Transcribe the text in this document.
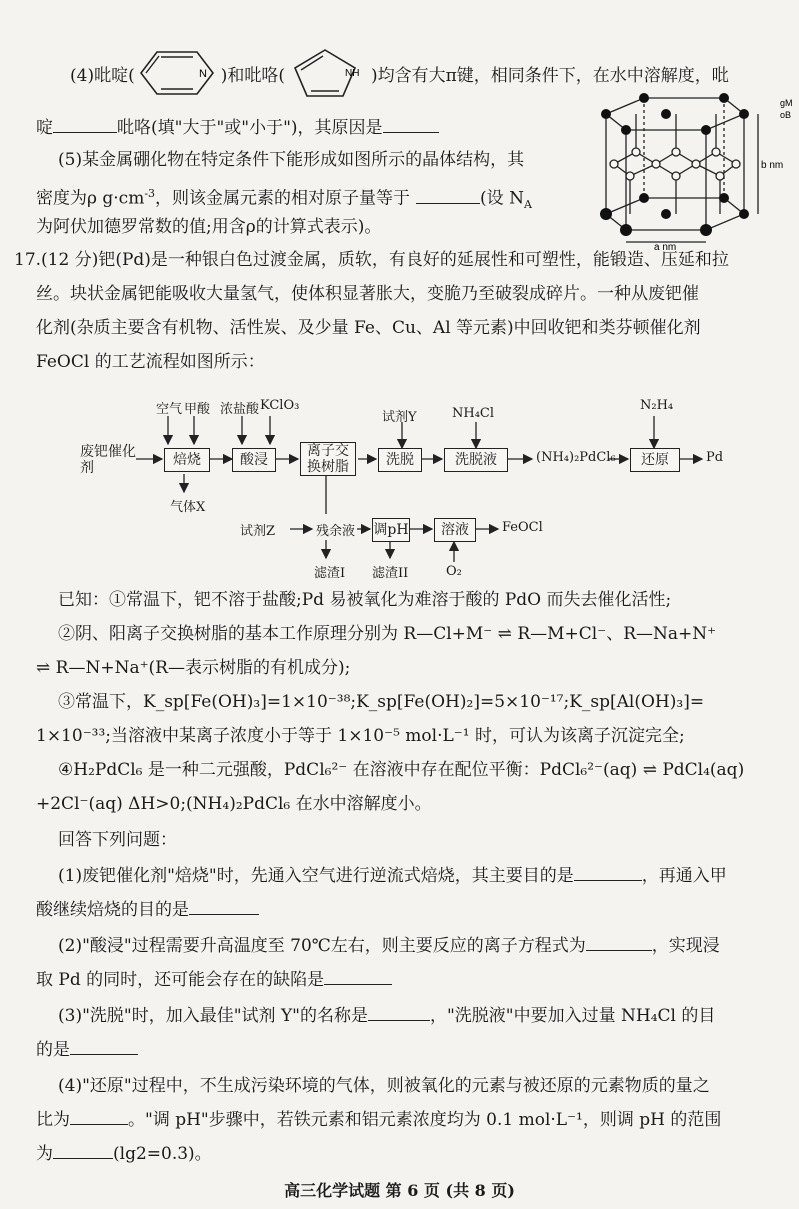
(4)吡啶(	N )和吡咯(	NH )均含有大π键，相同条件下，在水中溶解度，吡
啶	吡咯(填"大于"或"小于")，其原因是
(5)某金属硼化物在特定条件下能形成如图所示的晶体结构，其
密度为ρ $g\cdot cm^{-3}$，则该金属元素的相对原子量等于	(设 $N_A$
为阿伏加德罗常数的值;用含ρ的计算式表示)。
b nm
a nm
gM
oB
17.(12 分)钯(Pd)是一种银白色过渡金属，质软，有良好的延展性和可塑性，能锻造、压延和拉
丝。块状金属钯能吸收大量氢气，使体积显著胀大，变脆乃至破裂成碎片。一种从废钯催
化剂(杂质主要含有机物、活性炭、及少量 Fe、Cu、Al 等元素)中回收钯和类芬顿催化剂
FeOCl 的工艺流程如图所示：
废钯催化剂
空气 甲酸 浓盐酸 KClO₃
焙烧
气体X
酸浸
离子交换树脂
试剂Y
洗脱
NH₄Cl
洗脱液	(NH₄)₂PdCl₆
N₂H₄
还原	Pd
试剂Z	残余液
滤渣I
调pH
滤渣II
溶液
O₂
FeOCl
已知：①常温下，钯不溶于盐酸;Pd 易被氧化为难溶于酸的 PdO 而失去催化活性;
②阴、阳离子交换树脂的基本工作原理分别为 R—Cl+M⁻ ⇌ R—M+Cl⁻、R—Na+N⁺
⇌ R—N+Na⁺(R—表示树脂的有机成分);
③常温下，K_sp[Fe(OH)₃]=1×10⁻³⁸;K_sp[Fe(OH)₂]=5×10⁻¹⁷;K_sp[Al(OH)₃]=
1×10⁻³³;当溶液中某离子浓度小于等于 1×10⁻⁵ mol·L⁻¹ 时，可认为该离子沉淀完全;
④H₂PdCl₆ 是一种二元强酸，PdCl₆²⁻ 在溶液中存在配位平衡：PdCl₆²⁻(aq) ⇌ PdCl₄(aq)
+2Cl⁻(aq) ΔH>0;(NH₄)₂PdCl₆ 在水中溶解度小。
回答下列问题：
(1)废钯催化剂"焙烧"时，先通入空气进行逆流式焙烧，其主要目的是	，再通入甲
酸继续焙烧的目的是
(2)"酸浸"过程需要升高温度至 70℃左右，则主要反应的离子方程式为	，实现浸
取 Pd 的同时，还可能会存在的缺陷是
(3)"洗脱"时，加入最佳"试剂 Y"的名称是	，"洗脱液"中要加入过量 NH₄Cl 的目
的是
(4)"还原"过程中，不生成污染环境的气体，则被氧化的元素与被还原的元素物质的量之
比为	。"调 pH"步骤中，若铁元素和铝元素浓度均为 0.1 mol·L⁻¹，则调 pH 的范围
为	(lg2=0.3)。
高三化学试题 第 6 页 (共 8 页)
